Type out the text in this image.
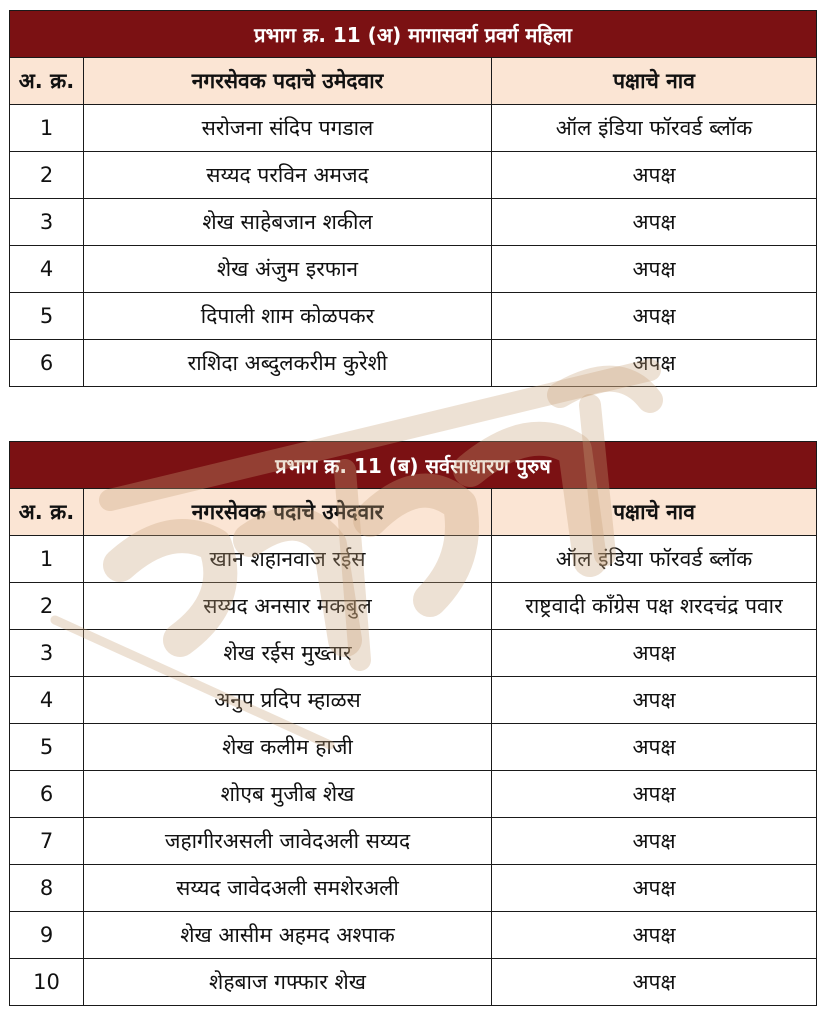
प्रभाग क्र. 11 (अ) मागासवर्ग प्रवर्ग महिला		
अ. क्र.	नगरसेवक पदाचे उमेदवार	पक्षाचे नाव
1	सरोजना संदिप पगडाल	ऑल इंडिया फॉरवर्ड ब्लॉक
2	सय्यद परविन अमजद	अपक्ष
3	शेख साहेबजान शकील	अपक्ष
4	शेख अंजुम इरफान	अपक्ष
5	दिपाली शाम कोळपकर	अपक्ष
6	राशिदा अब्दुलकरीम कुरेशी	अपक्ष
प्रभाग क्र. 11 (ब) सर्वसाधारण पुरुष		
अ. क्र.	नगरसेवक पदाचे उमेदवार	पक्षाचे नाव
1	खान शहानवाज रईस	ऑल इंडिया फॉरवर्ड ब्लॉक
2	सय्यद अनसार मकबुल	राष्ट्रवादी काँग्रेस पक्ष शरदचंद्र पवार
3	शेख रईस मुख्तार	अपक्ष
4	अनुप प्रदिप म्हाळस	अपक्ष
5	शेख कलीम हाजी	अपक्ष
6	शोएब मुजीब शेख	अपक्ष
7	जहागीरअसली जावेदअली सय्यद	अपक्ष
8	सय्यद जावेदअली समशेरअली	अपक्ष
9	शेख आसीम अहमद अश्पाक	अपक्ष
10	शेहबाज गफ्फार शेख	अपक्ष
